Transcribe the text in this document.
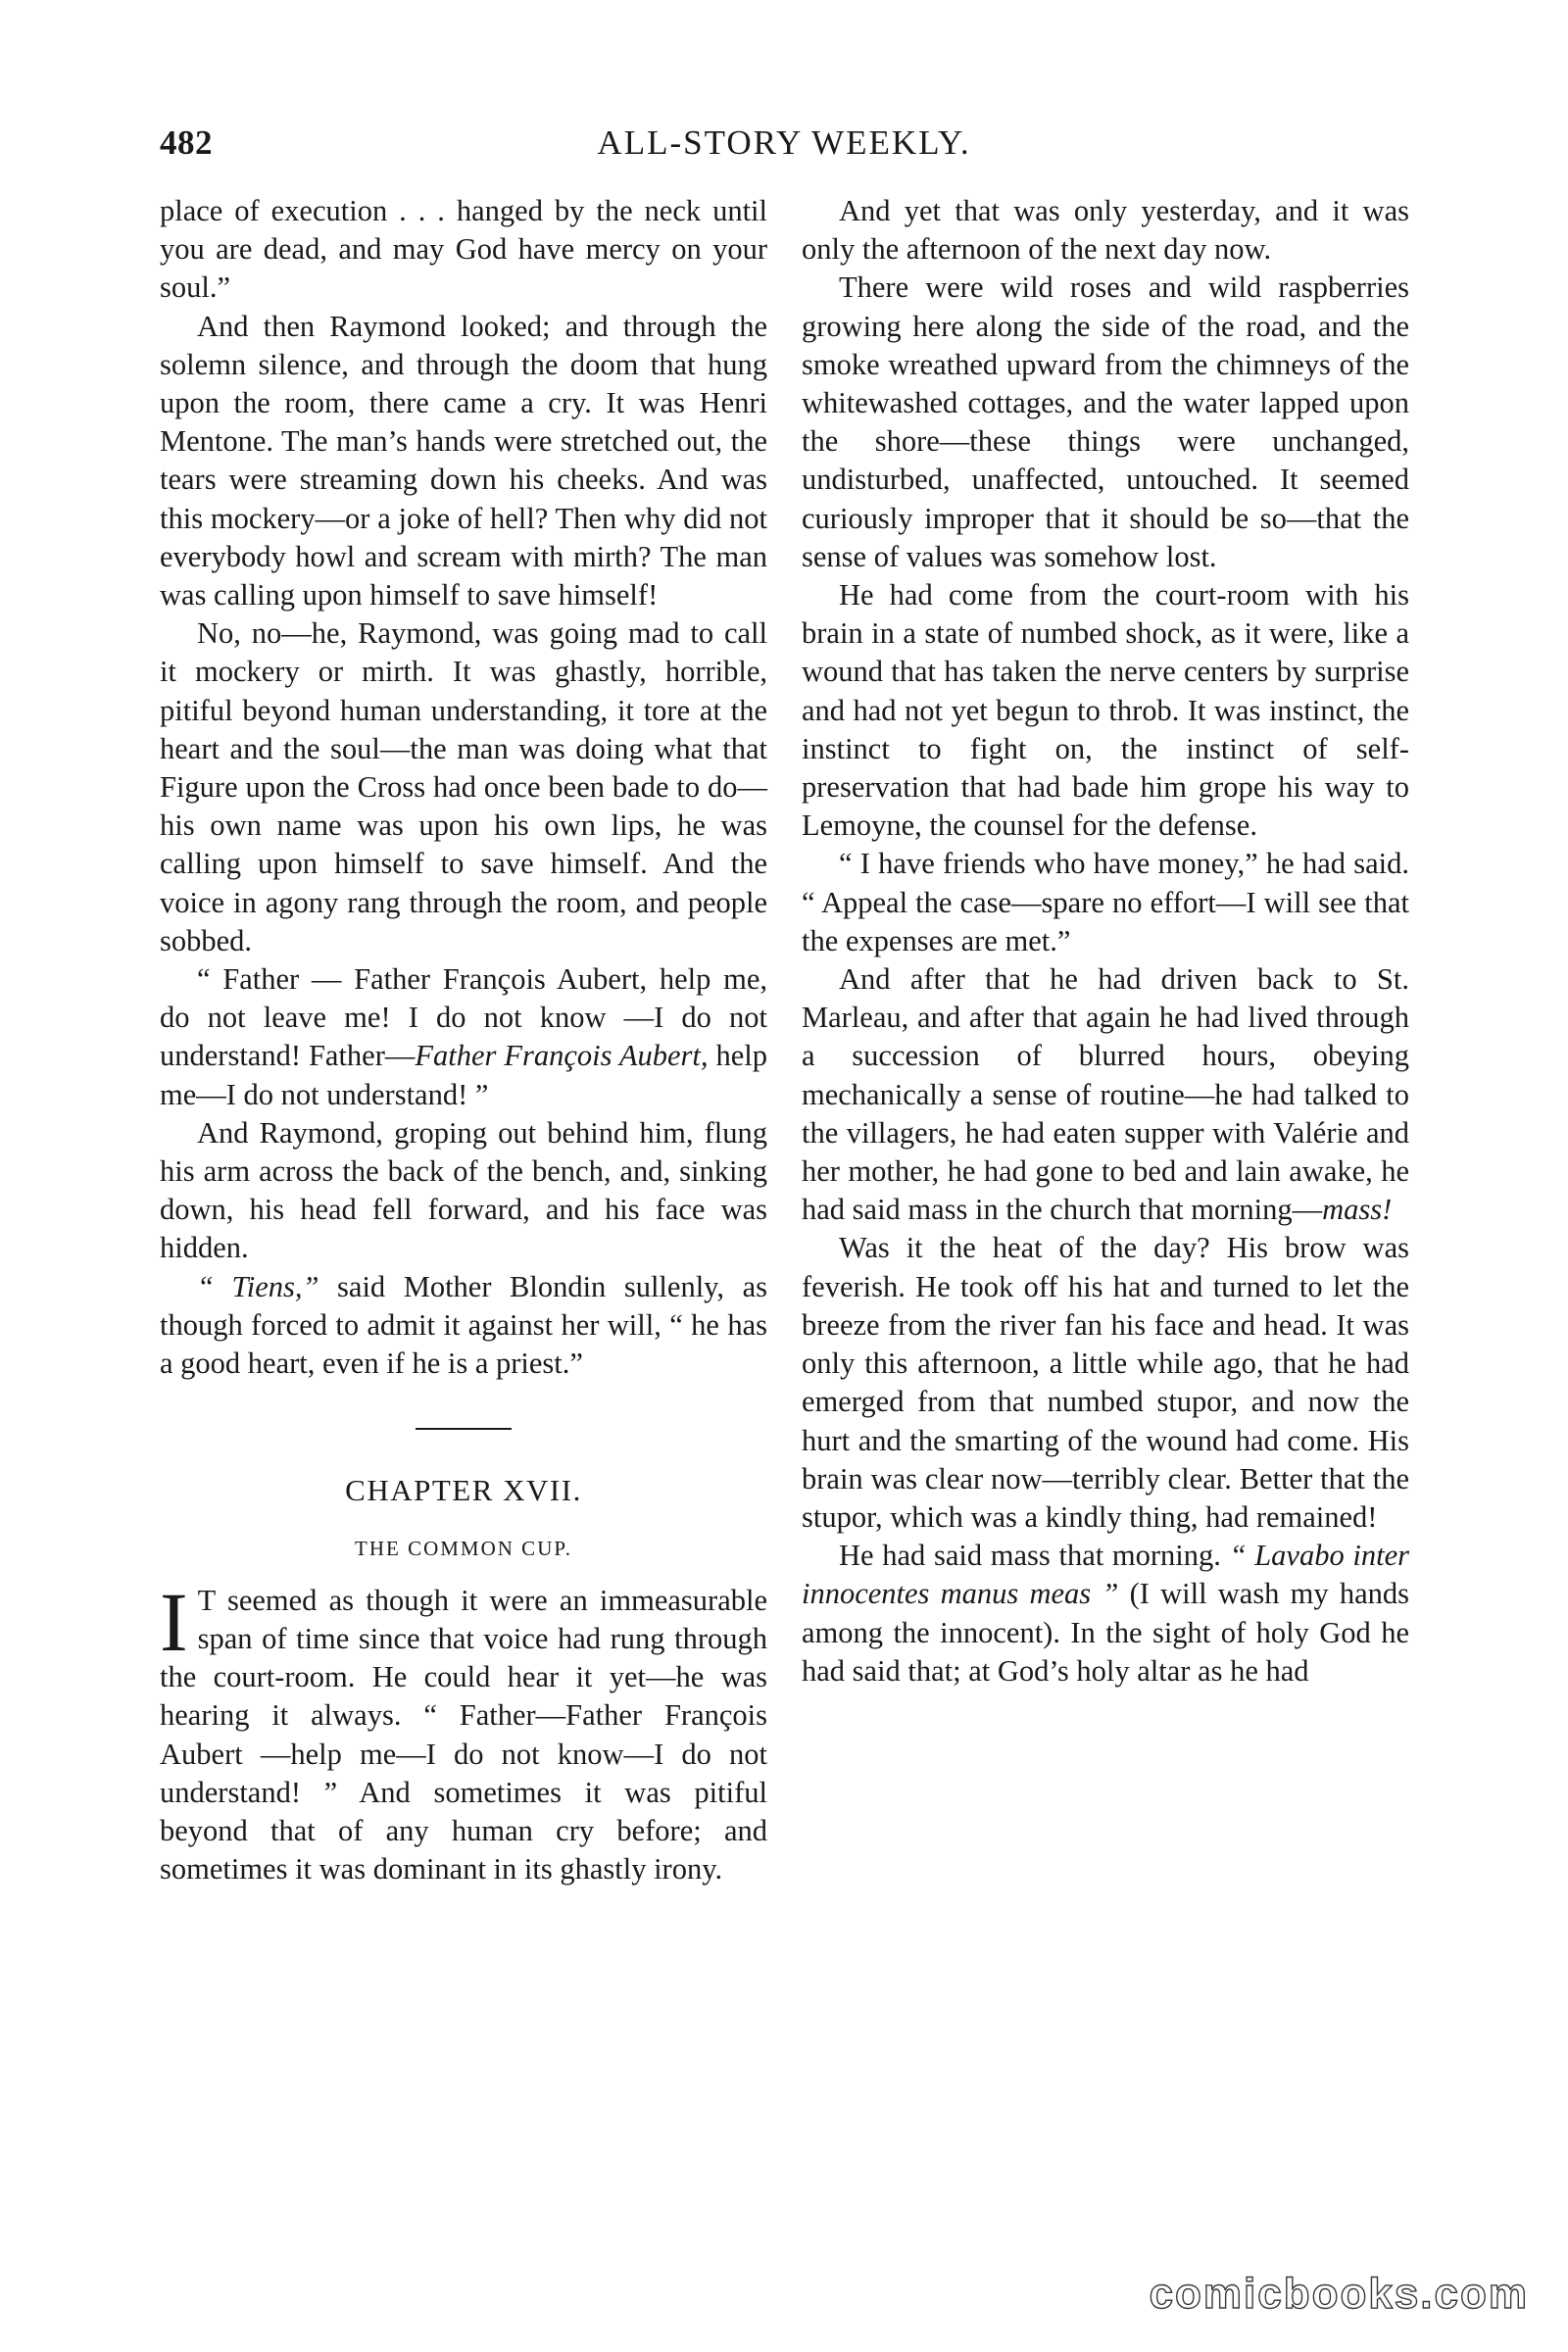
482	ALL-STORY WEEKLY.

place of execution . . . hanged by the neck until you are dead, and may God have mercy on your soul.”

And then Raymond looked; and through the solemn silence, and through the doom that hung upon the room, there came a cry. It was Henri Mentone. The man’s hands were stretched out, the tears were streaming down his cheeks. And was this mockery—or a joke of hell? Then why did not everybody howl and scream with mirth? The man was calling upon himself to save himself!

No, no—he, Raymond, was going mad to call it mockery or mirth. It was ghastly, horrible, pitiful beyond human understanding, it tore at the heart and the soul—the man was doing what that Figure upon the Cross had once been bade to do—his own name was upon his own lips, he was calling upon himself to save himself. And the voice in agony rang through the room, and people sobbed.

“ Father — Father François Aubert, help me, do not leave me! I do not know —I do not understand! Father—Father François Aubert, help me—I do not understand! ”

And Raymond, groping out behind him, flung his arm across the back of the bench, and, sinking down, his head fell forward, and his face was hidden.

“ Tiens,” said Mother Blondin sullenly, as though forced to admit it against her will, “ he has a good heart, even if he is a priest.”

CHAPTER XVII.
THE COMMON CUP.

I T seemed as though it were an immeasurable span of time since that voice had rung through the court-room. He could hear it yet—he was hearing it always. “ Father—Father François Aubert —help me—I do not know—I do not understand! ” And sometimes it was pitiful beyond that of any human cry before; and sometimes it was dominant in its ghastly irony.

And yet that was only yesterday, and it was only the afternoon of the next day now.

There were wild roses and wild raspberries growing here along the side of the road, and the smoke wreathed upward from the chimneys of the whitewashed cottages, and the water lapped upon the shore—these things were unchanged, undisturbed, unaffected, untouched. It seemed curiously improper that it should be so—that the sense of values was somehow lost.

He had come from the court-room with his brain in a state of numbed shock, as it were, like a wound that has taken the nerve centers by surprise and had not yet begun to throb. It was instinct, the instinct to fight on, the instinct of self-preservation that had bade him grope his way to Lemoyne, the counsel for the defense.

“ I have friends who have money,” he had said. “ Appeal the case—spare no effort—I will see that the expenses are met.”

And after that he had driven back to St. Marleau, and after that again he had lived through a succession of blurred hours, obeying mechanically a sense of routine—he had talked to the villagers, he had eaten supper with Valérie and her mother, he had gone to bed and lain awake, he had said mass in the church that morning—mass!

Was it the heat of the day? His brow was feverish. He took off his hat and turned to let the breeze from the river fan his face and head. It was only this afternoon, a little while ago, that he had emerged from that numbed stupor, and now the hurt and the smarting of the wound had come. His brain was clear now—terribly clear. Better that the stupor, which was a kindly thing, had remained!

He had said mass that morning. “ Lavabo inter innocentes manus meas ” (I will wash my hands among the innocent). In the sight of holy God he had said that; at God’s holy altar as he had

comicbooks.com
